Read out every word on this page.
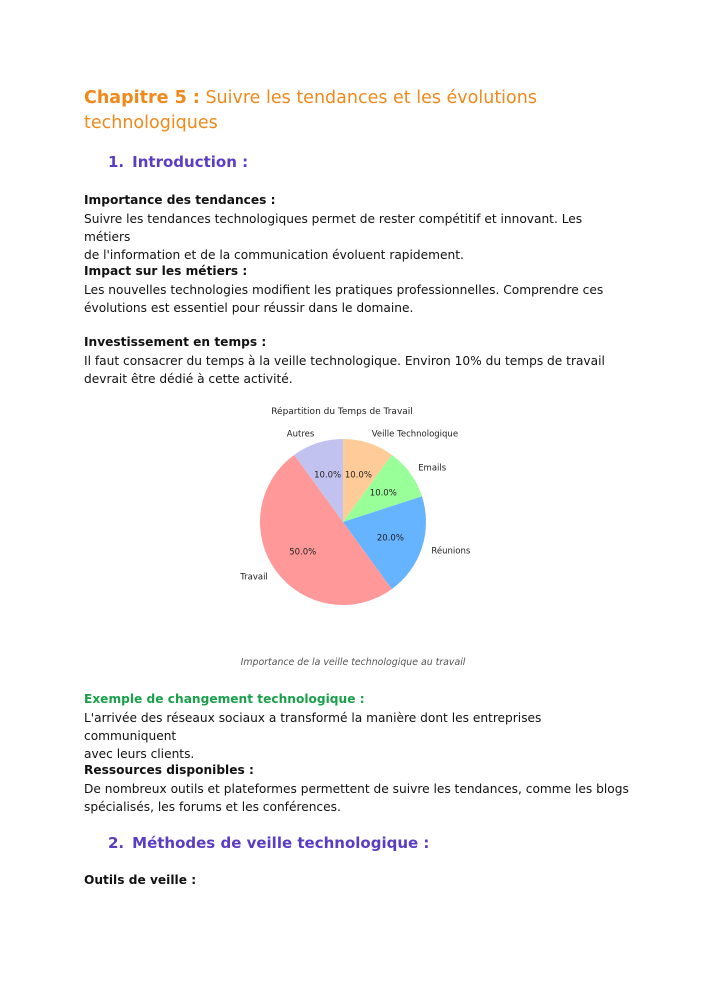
Chapitre 5 : Suivre les tendances et les évolutions
technologiques
1. Introduction :

Importance des tendances :

Suivre les tendances technologiques permet de rester compétitif et innovant. Les métiers
de l'information et de la communication évoluent rapidement.

Impact sur les métiers :

Les nouvelles technologies modifient les pratiques professionnelles. Comprendre ces
évolutions est essentiel pour réussir dans le domaine.

Investissement en temps :

Il faut consacrer du temps à la veille technologique. Environ 10% du temps de travail
devrait être dédié à cette activité.

Répartition du Temps de Travail
10.0%
10.0%
20.0%
50.0%
10.0%
Veille Technologique
Emails
Réunions
Travail
Autres

Importance de la veille technologique au travail

Exemple de changement technologique :

L'arrivée des réseaux sociaux a transformé la manière dont les entreprises communiquent
avec leurs clients.

Ressources disponibles :

De nombreux outils et plateformes permettent de suivre les tendances, comme les blogs
spécialisés, les forums et les conférences.

2. Méthodes de veille technologique :

Outils de veille :
